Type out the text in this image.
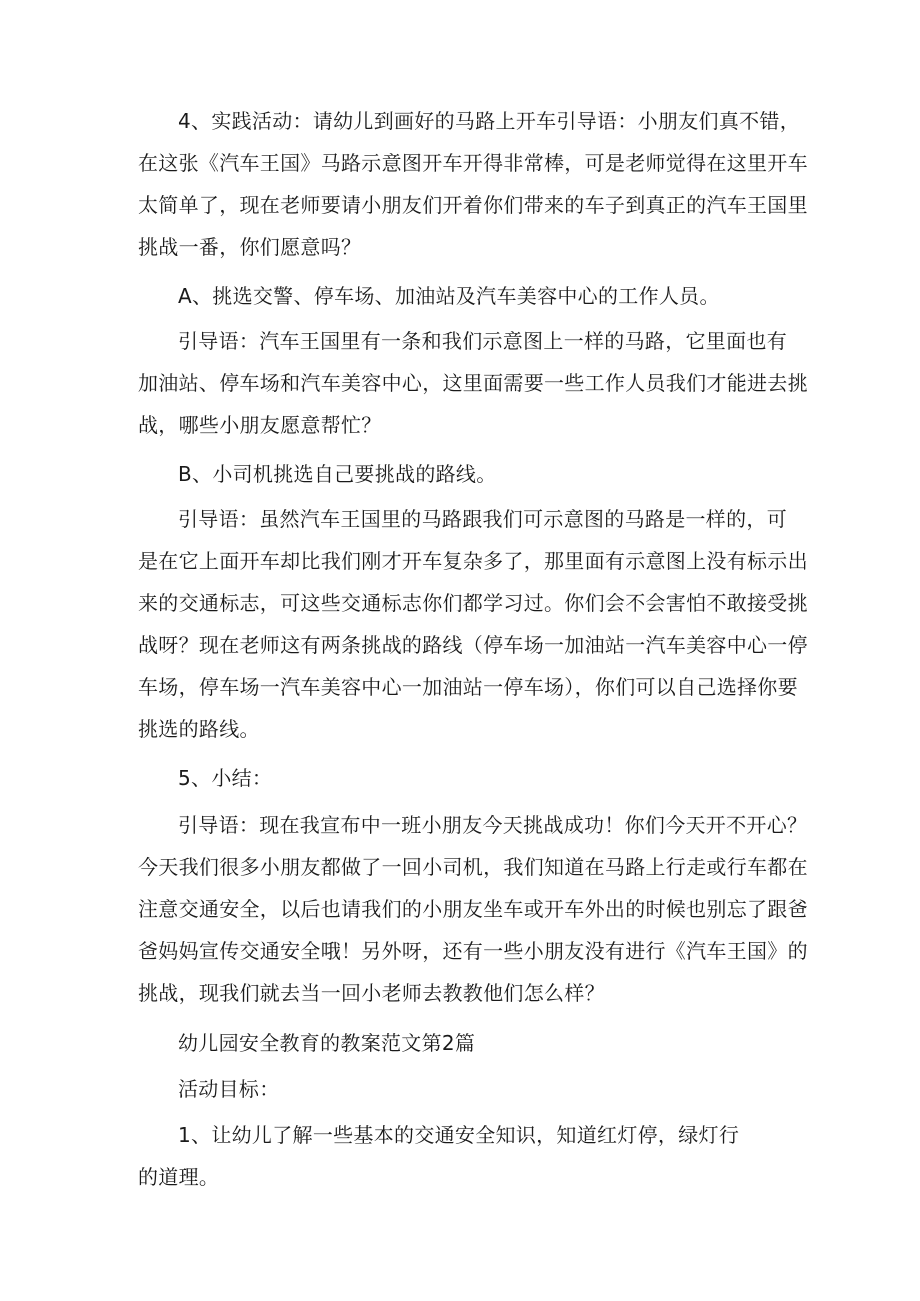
4、实践活动：请幼儿到画好的马路上开车引导语：小朋友们真不错，
在这张《汽车王国》马路示意图开车开得非常棒，可是老师觉得在这里开车
太简单了，现在老师要请小朋友们开着你们带来的车子到真正的汽车王国里
挑战一番，你们愿意吗？
A、挑选交警、停车场、加油站及汽车美容中心的工作人员。
引导语：汽车王国里有一条和我们示意图上一样的马路，它里面也有
加油站、停车场和汽车美容中心，这里面需要一些工作人员我们才能进去挑
战，哪些小朋友愿意帮忙？
B、小司机挑选自己要挑战的路线。
引导语：虽然汽车王国里的马路跟我们可示意图的马路是一样的，可
是在它上面开车却比我们刚才开车复杂多了，那里面有示意图上没有标示出
来的交通标志，可这些交通标志你们都学习过。你们会不会害怕不敢接受挑
战呀？现在老师这有两条挑战的路线（停车场一加油站一汽车美容中心一停
车场，停车场一汽车美容中心一加油站一停车场），你们可以自己选择你要
挑选的路线。
5、小结：
引导语：现在我宣布中一班小朋友今天挑战成功！你们今天开不开心？
今天我们很多小朋友都做了一回小司机，我们知道在马路上行走或行车都在
注意交通安全，以后也请我们的小朋友坐车或开车外出的时候也别忘了跟爸
爸妈妈宣传交通安全哦！另外呀，还有一些小朋友没有进行《汽车王国》的
挑战，现我们就去当一回小老师去教教他们怎么样？
幼儿园安全教育的教案范文第2篇
活动目标：
1、让幼儿了解一些基本的交通安全知识，知道红灯停，绿灯行
的道理。
